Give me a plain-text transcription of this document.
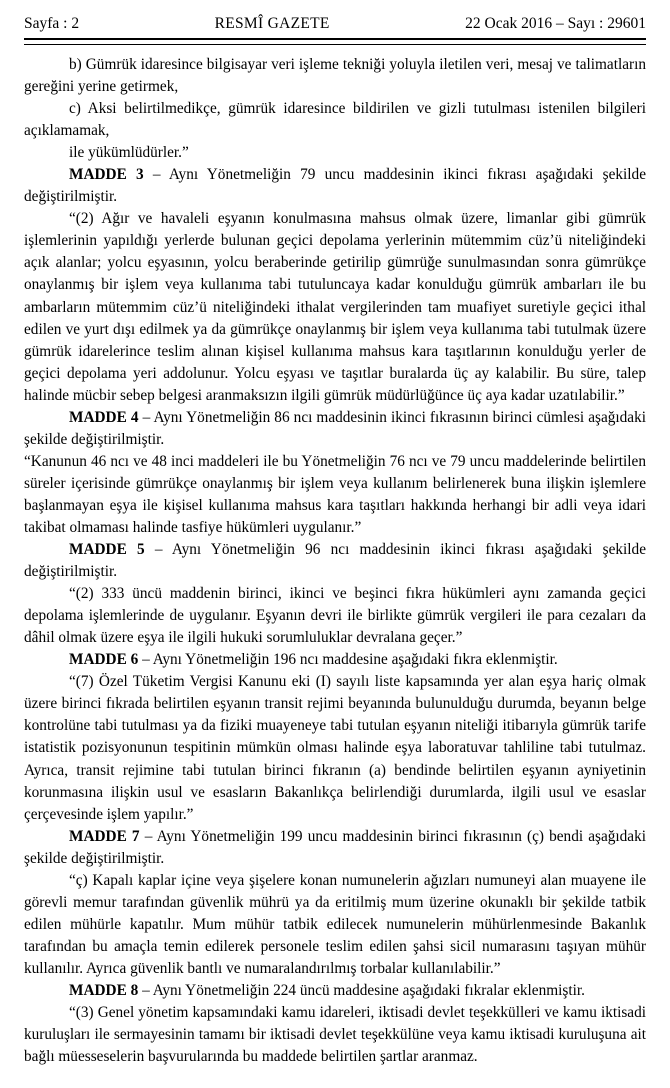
Sayfa : 2	RESMÎ GAZETE	22 Ocak 2016 – Sayı : 29601

b) Gümrük idaresince bilgisayar veri işleme tekniği yoluyla iletilen veri, mesaj ve talimatların gereğini yerine getirmek,

c) Aksi belirtilmedikçe, gümrük idaresince bildirilen ve gizli tutulması istenilen bilgileri açıklamamak,

ile yükümlüdürler.”

MADDE 3 – Aynı Yönetmeliğin 79 uncu maddesinin ikinci fıkrası aşağıdaki şekilde değiştirilmiştir.

“(2) Ağır ve havaleli eşyanın konulmasına mahsus olmak üzere, limanlar gibi gümrük işlemlerinin yapıldığı yerlerde bulunan geçici depolama yerlerinin mütemmim cüz’ü niteliğindeki açık alanlar; yolcu eşyasının, yolcu beraberinde getirilip gümrüğe sunulmasından sonra gümrükçe onaylanmış bir işlem veya kullanıma tabi tutuluncaya kadar konulduğu gümrük ambarları ile bu ambarların mütemmim cüz’ü niteliğindeki ithalat vergilerinden tam muafiyet suretiyle geçici ithal edilen ve yurt dışı edilmek ya da gümrükçe onaylanmış bir işlem veya kullanıma tabi tutulmak üzere gümrük idarelerince teslim alınan kişisel kullanıma mahsus kara taşıtlarının konulduğu yerler de geçici depolama yeri addolunur. Yolcu eşyası ve taşıtlar buralarda üç ay kalabilir. Bu süre, talep halinde mücbir sebep belgesi aranmaksızın ilgili gümrük müdürlüğünce üç aya kadar uzatılabilir.”

MADDE 4 – Aynı Yönetmeliğin 86 ncı maddesinin ikinci fıkrasının birinci cümlesi aşağıdaki şekilde değiştirilmiştir.

“Kanunun 46 ncı ve 48 inci maddeleri ile bu Yönetmeliğin 76 ncı ve 79 uncu maddelerinde belirtilen süreler içerisinde gümrükçe onaylanmış bir işlem veya kullanım belirlenerek buna ilişkin işlemlere başlanmayan eşya ile kişisel kullanıma mahsus kara taşıtları hakkında herhangi bir adli veya idari takibat olmaması halinde tasfiye hükümleri uygulanır.”

MADDE 5 – Aynı Yönetmeliğin 96 ncı maddesinin ikinci fıkrası aşağıdaki şekilde değiştirilmiştir.

“(2) 333 üncü maddenin birinci, ikinci ve beşinci fıkra hükümleri aynı zamanda geçici depolama işlemlerinde de uygulanır. Eşyanın devri ile birlikte gümrük vergileri ile para cezaları da dâhil olmak üzere eşya ile ilgili hukuki sorumluluklar devralana geçer.”

MADDE 6 – Aynı Yönetmeliğin 196 ncı maddesine aşağıdaki fıkra eklenmiştir.

“(7) Özel Tüketim Vergisi Kanunu eki (I) sayılı liste kapsamında yer alan eşya hariç olmak üzere birinci fıkrada belirtilen eşyanın transit rejimi beyanında bulunulduğu durumda, beyanın belge kontrolüne tabi tutulması ya da fiziki muayeneye tabi tutulan eşyanın niteliği itibarıyla gümrük tarife istatistik pozisyonunun tespitinin mümkün olması halinde eşya laboratuvar tahliline tabi tutulmaz. Ayrıca, transit rejimine tabi tutulan birinci fıkranın (a) bendinde belirtilen eşyanın ayniyetinin korunmasına ilişkin usul ve esasların Bakanlıkça belirlendiği durumlarda, ilgili usul ve esaslar çerçevesinde işlem yapılır.”

MADDE 7 – Aynı Yönetmeliğin 199 uncu maddesinin birinci fıkrasının (ç) bendi aşağıdaki şekilde değiştirilmiştir.

“ç) Kapalı kaplar içine veya şişelere konan numunelerin ağızları numuneyi alan muayene ile görevli memur tarafından güvenlik mührü ya da eritilmiş mum üzerine okunaklı bir şekilde tatbik edilen mühürle kapatılır. Mum mühür tatbik edilecek numunelerin mühürlenmesinde Bakanlık tarafından bu amaçla temin edilerek personele teslim edilen şahsi sicil numarasını taşıyan mühür kullanılır. Ayrıca güvenlik bantlı ve numaralandırılmış torbalar kullanılabilir.”

MADDE 8 – Aynı Yönetmeliğin 224 üncü maddesine aşağıdaki fıkralar eklenmiştir.

“(3) Genel yönetim kapsamındaki kamu idareleri, iktisadi devlet teşekkülleri ve kamu iktisadi kuruluşları ile sermayesinin tamamı bir iktisadi devlet teşekkülüne veya kamu iktisadi kuruluşuna ait bağlı müesseselerin başvurularında bu maddede belirtilen şartlar aranmaz.
